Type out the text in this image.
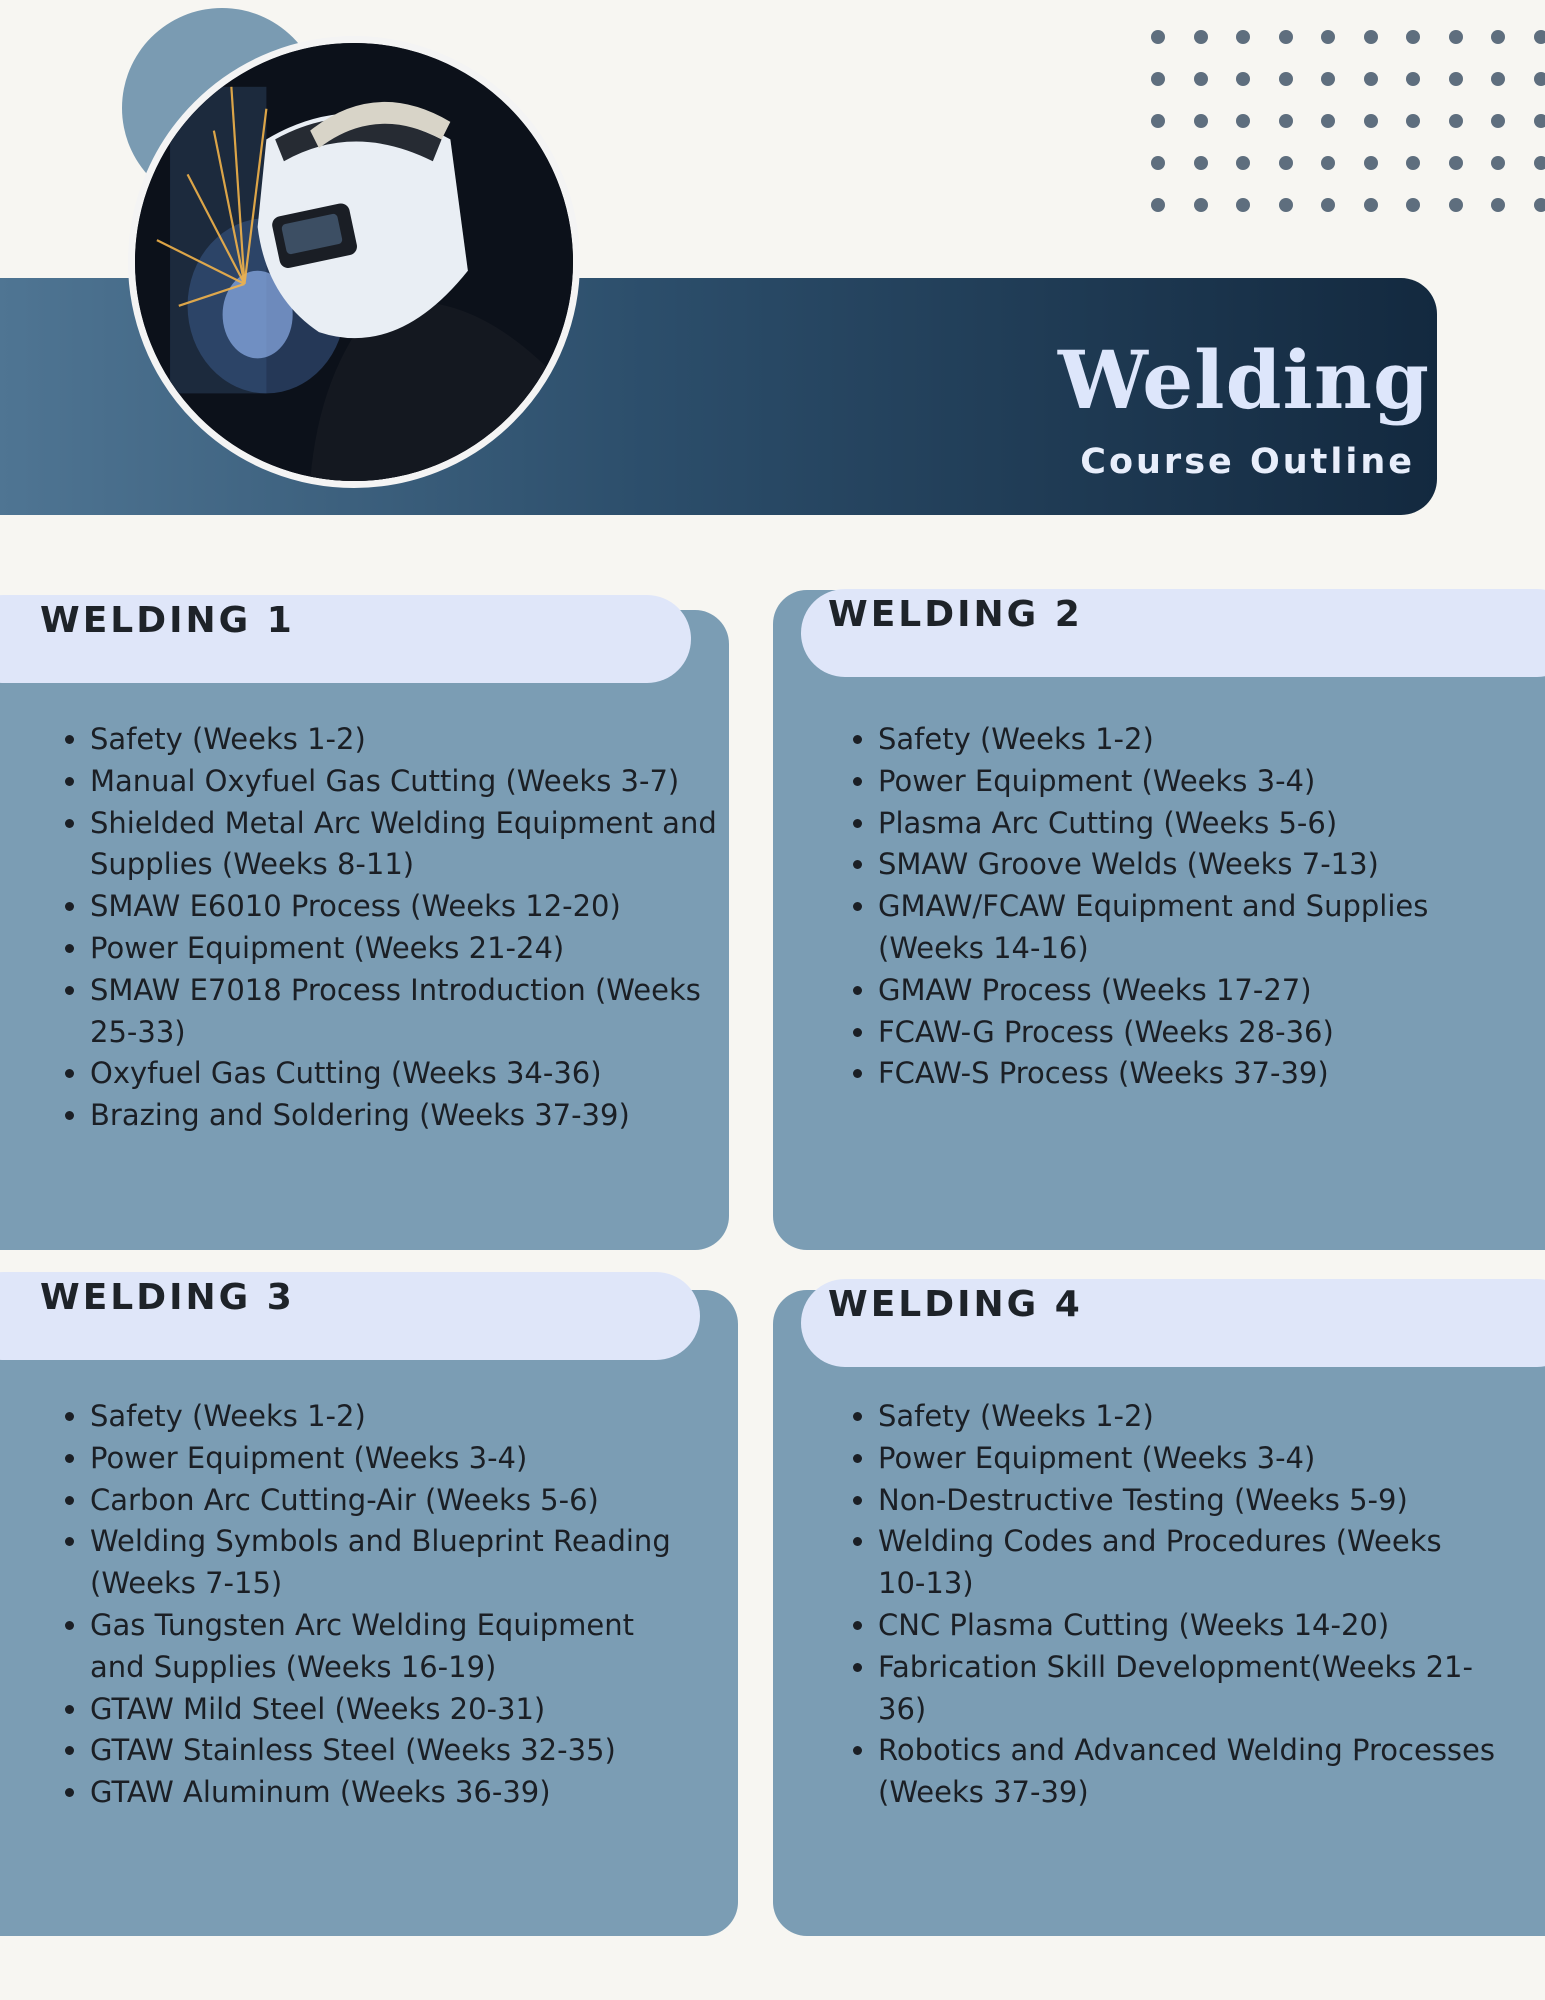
Welding
Course Outline
WELDING 1	WELDING 2
WELDING 3	WELDING 4
• Safety (Weeks 1-2)
• Manual Oxyfuel Gas Cutting (Weeks 3-7)
• Shielded Metal Arc Welding Equipment and Supplies (Weeks 8-11)
• SMAW E6010 Process (Weeks 12-20)
• Power Equipment (Weeks 21-24)
• SMAW E7018 Process Introduction (Weeks 25-33)
• Oxyfuel Gas Cutting (Weeks 34-36)
• Brazing and Soldering (Weeks 37-39)
• Safety (Weeks 1-2)
• Power Equipment (Weeks 3-4)
• Plasma Arc Cutting (Weeks 5-6)
• SMAW Groove Welds (Weeks 7-13)
• GMAW/FCAW Equipment and Supplies (Weeks 14-16)
• GMAW Process (Weeks 17-27)
• FCAW-G Process (Weeks 28-36)
• FCAW-S Process (Weeks 37-39)
• Safety (Weeks 1-2)
• Power Equipment (Weeks 3-4)
• Carbon Arc Cutting-Air (Weeks 5-6)
• Welding Symbols and Blueprint Reading (Weeks 7-15)
• Gas Tungsten Arc Welding Equipment and Supplies (Weeks 16-19)
• GTAW Mild Steel (Weeks 20-31)
• GTAW Stainless Steel (Weeks 32-35)
• GTAW Aluminum (Weeks 36-39)
• Safety (Weeks 1-2)
• Power Equipment (Weeks 3-4)
• Non-Destructive Testing (Weeks 5-9)
• Welding Codes and Procedures (Weeks 10-13)
• CNC Plasma Cutting (Weeks 14-20)
• Fabrication Skill Development(Weeks 21-36)
• Robotics and Advanced Welding Processes (Weeks 37-39)
